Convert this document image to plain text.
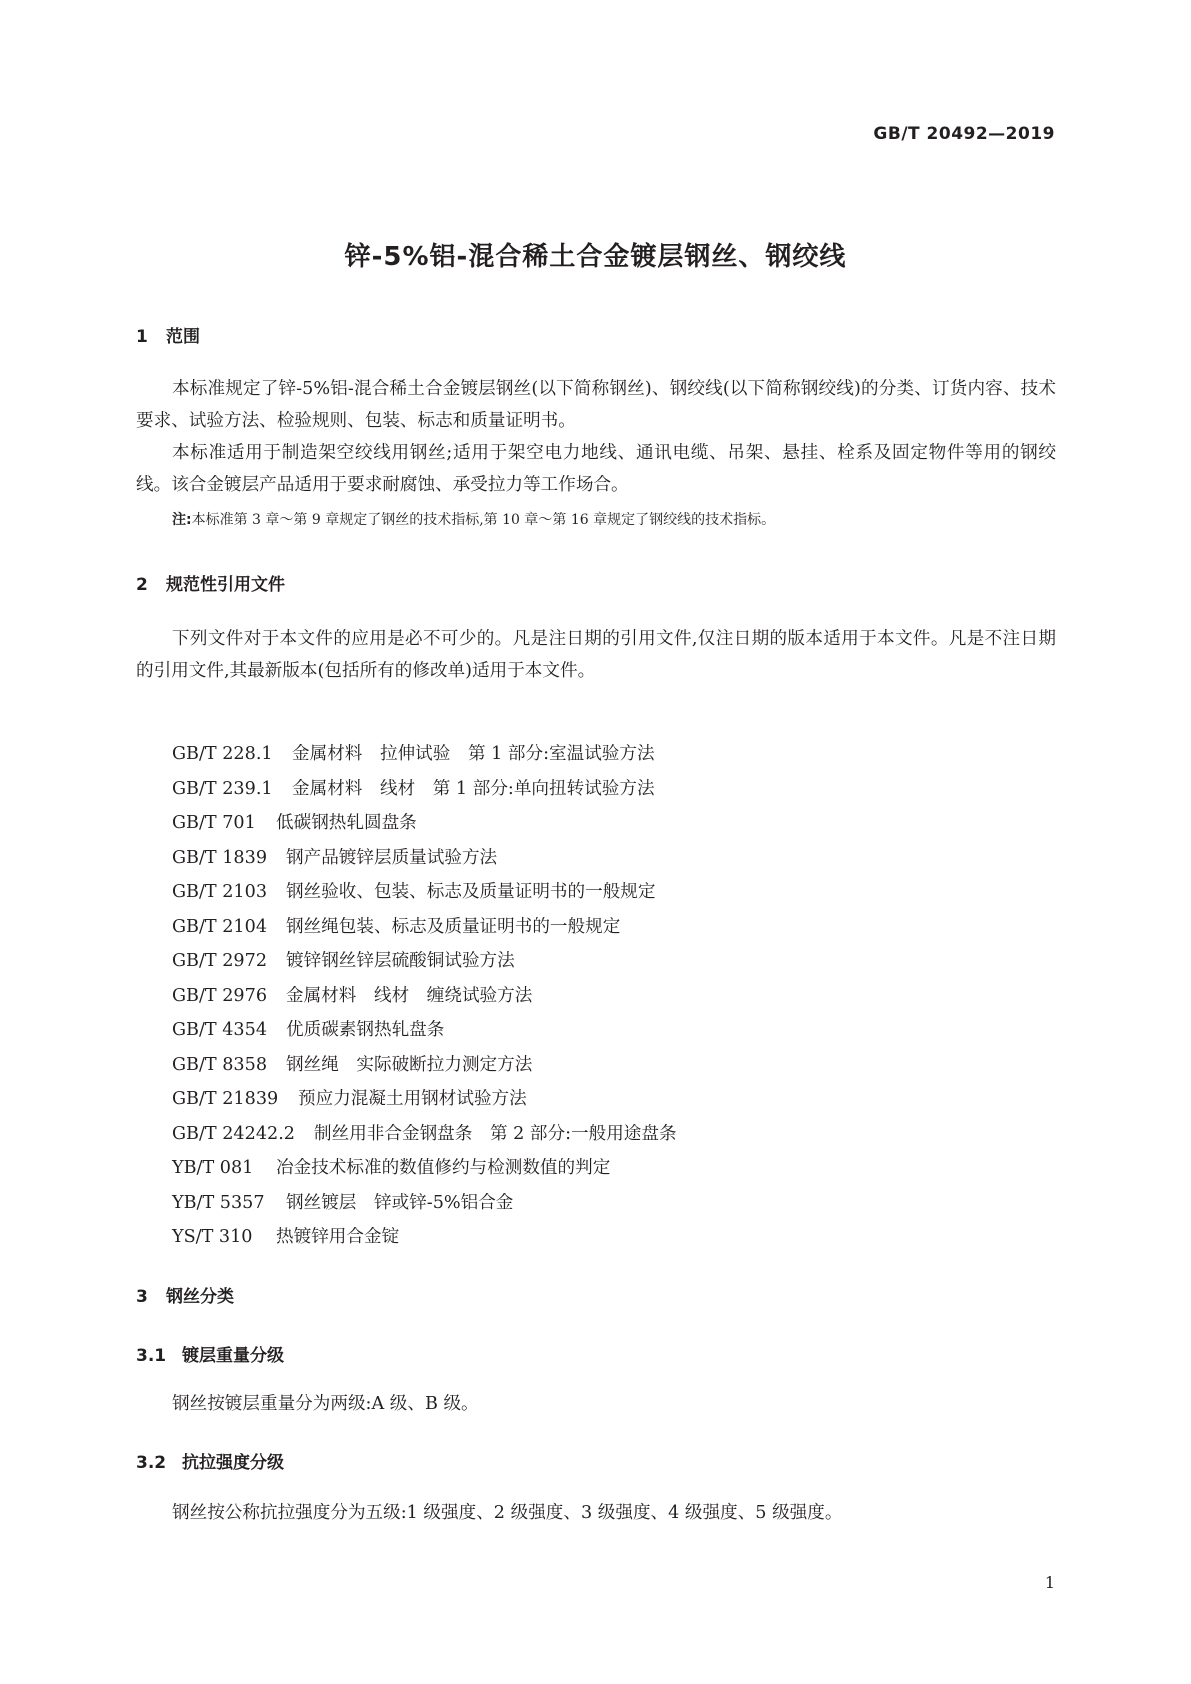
GB/T 20492—2019
锌-5%铝-混合稀土合金镀层钢丝、钢绞线
1 范围

本标准规定了锌-5%铝-混合稀土合金镀层钢丝(以下简称钢丝)、钢绞线(以下简称钢绞线)的分类、订货内容、技术要求、试验方法、检验规则、包装、标志和质量证明书。

本标准适用于制造架空绞线用钢丝;适用于架空电力地线、通讯电缆、吊架、悬挂、栓系及固定物件等用的钢绞线。该合金镀层产品适用于要求耐腐蚀、承受拉力等工作场合。

注:本标准第 3 章～第 9 章规定了钢丝的技术指标,第 10 章～第 16 章规定了钢绞线的技术指标。
2 规范性引用文件

下列文件对于本文件的应用是必不可少的。凡是注日期的引用文件,仅注日期的版本适用于本文件。凡是不注日期的引用文件,其最新版本(包括所有的修改单)适用于本文件。

GB/T 228.1 金属材料　拉伸试验　第 1 部分:室温试验方法
GB/T 239.1 金属材料　线材　第 1 部分:单向扭转试验方法
GB/T 701 低碳钢热轧圆盘条
GB/T 1839 钢产品镀锌层质量试验方法
GB/T 2103 钢丝验收、包装、标志及质量证明书的一般规定
GB/T 2104 钢丝绳包装、标志及质量证明书的一般规定
GB/T 2972 镀锌钢丝锌层硫酸铜试验方法
GB/T 2976 金属材料　线材　缠绕试验方法
GB/T 4354 优质碳素钢热轧盘条
GB/T 8358 钢丝绳　实际破断拉力测定方法
GB/T 21839 预应力混凝土用钢材试验方法
GB/T 24242.2 制丝用非合金钢盘条　第 2 部分:一般用途盘条
YB/T 081 冶金技术标准的数值修约与检测数值的判定
YB/T 5357 钢丝镀层　锌或锌-5%铝合金
YS/T 310 热镀锌用合金锭
3 钢丝分类
3.1 镀层重量分级

钢丝按镀层重量分为两级:A 级、B 级。

3.2 抗拉强度分级

钢丝按公称抗拉强度分为五级:1 级强度、2 级强度、3 级强度、4 级强度、5 级强度。

1
